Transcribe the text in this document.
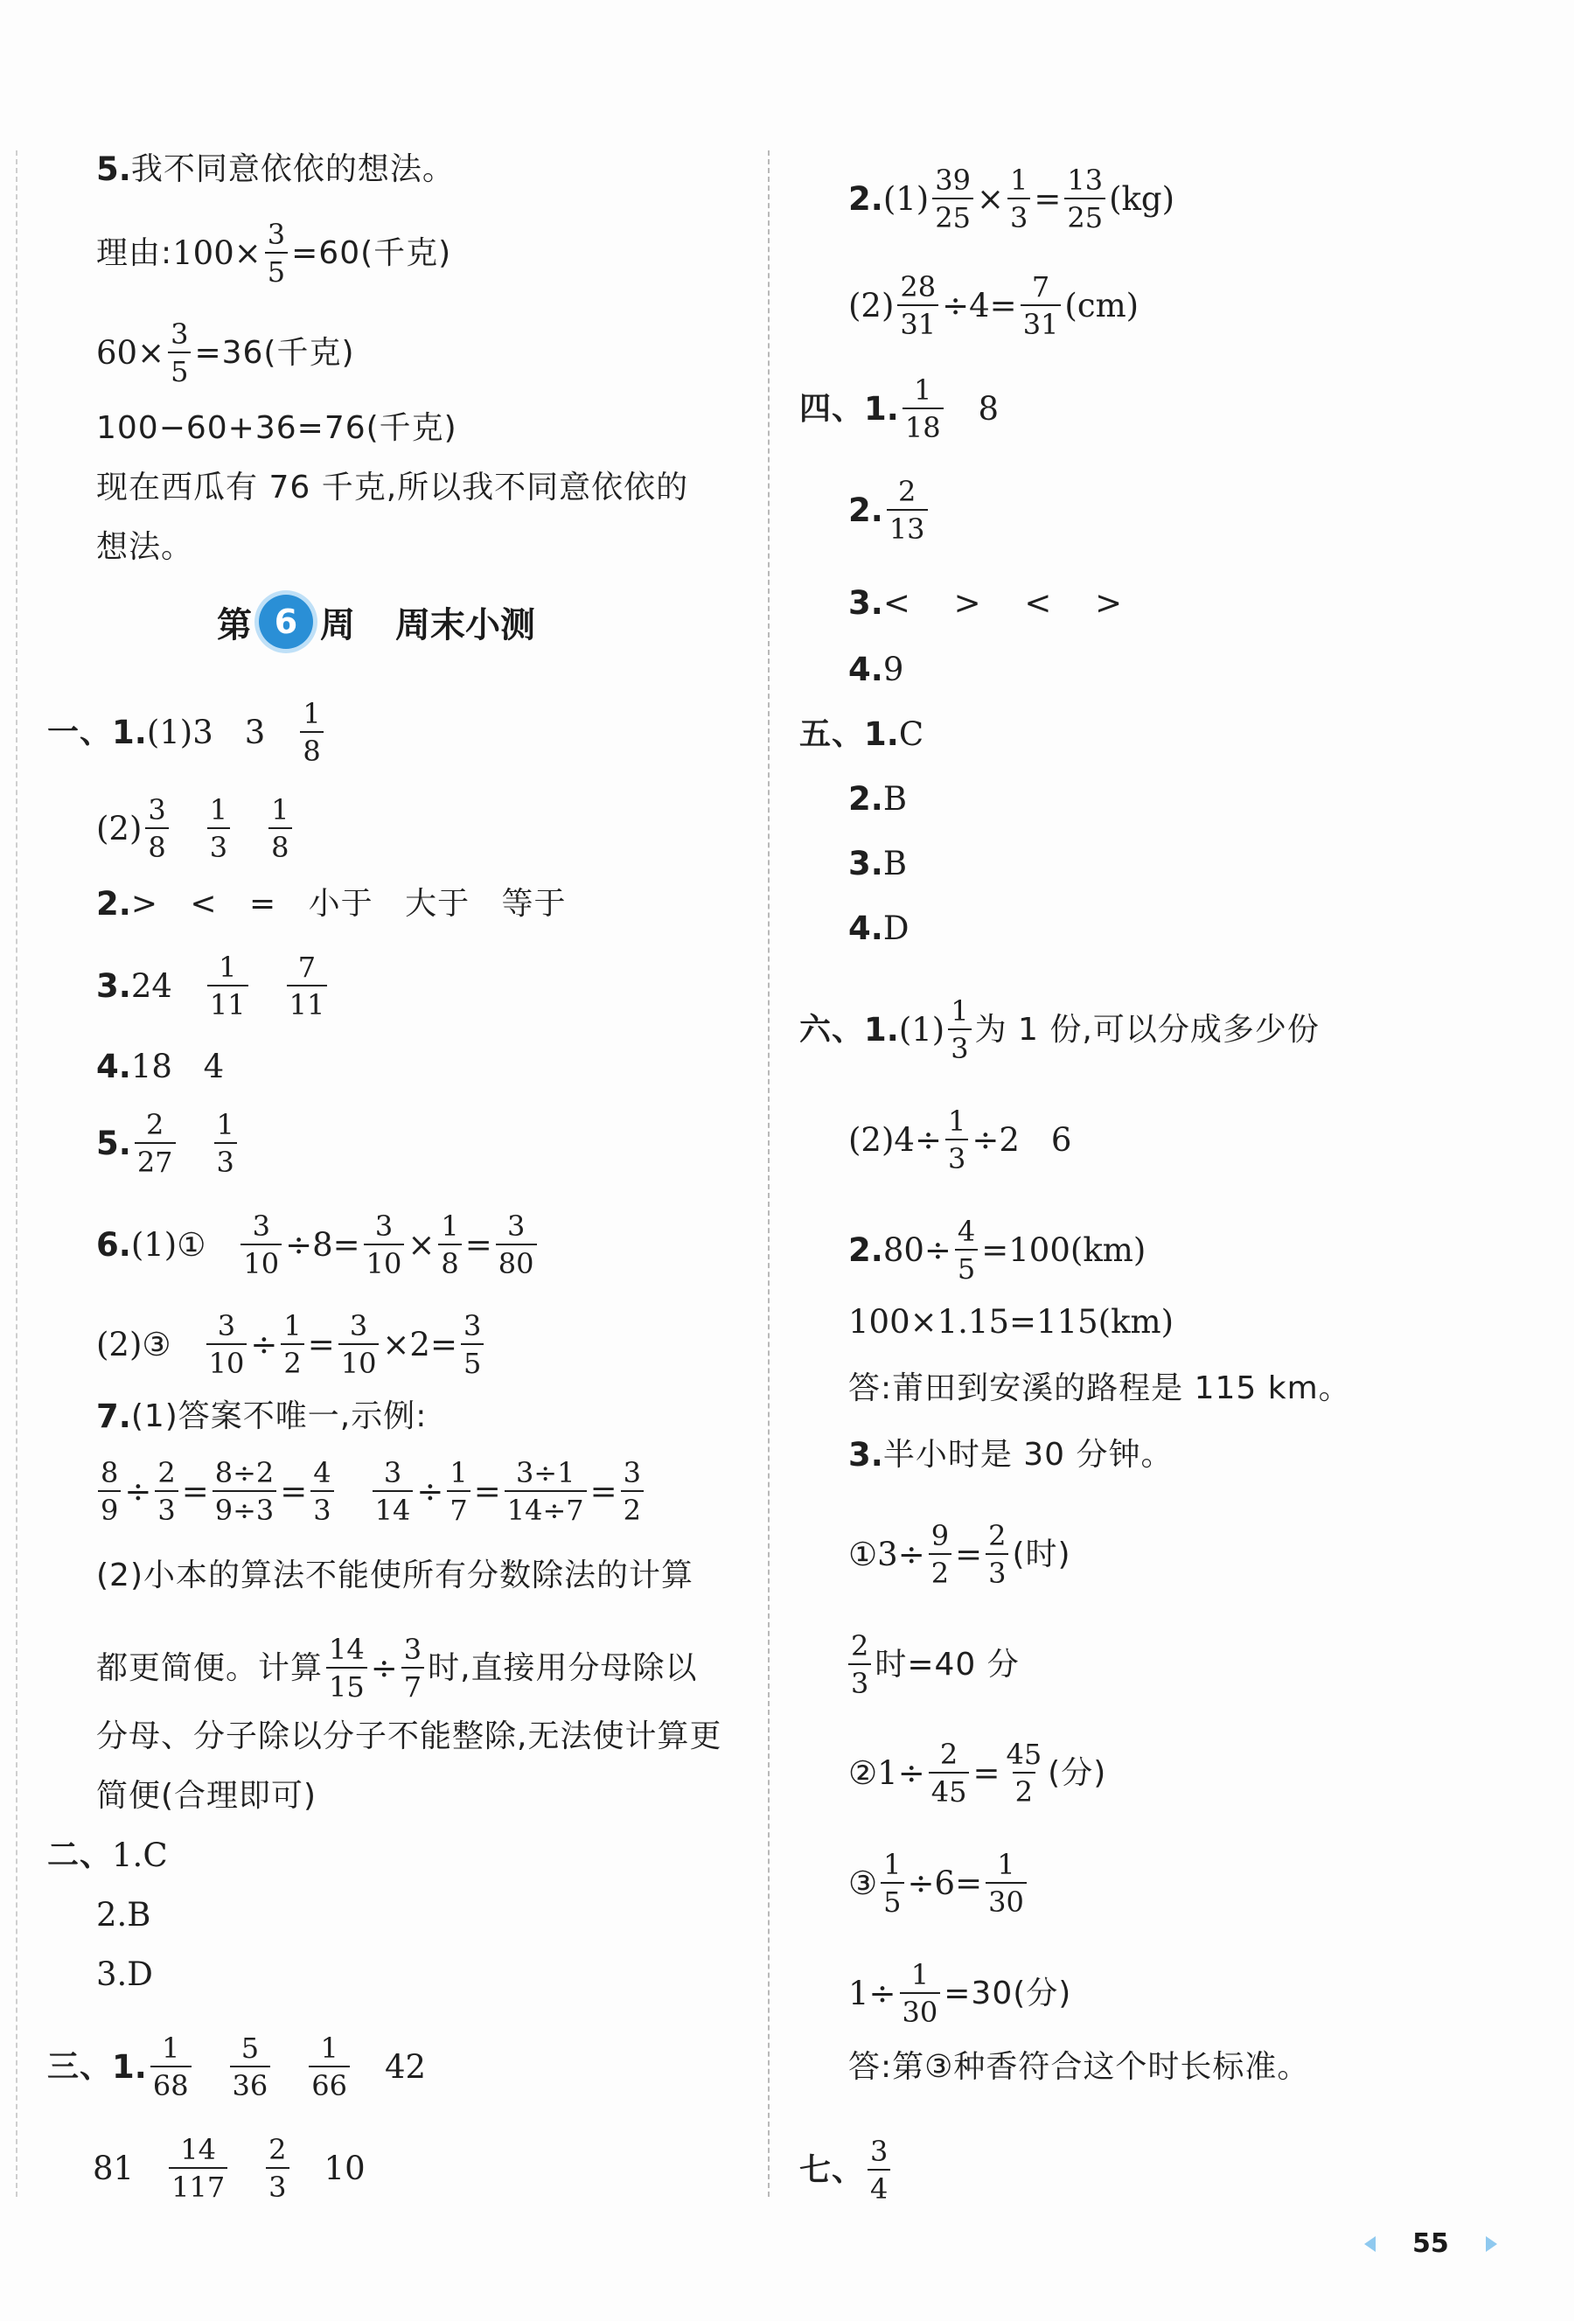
5. 我不同意依依的想法。
理由: $100\times \frac{3}{5} =60$(千克)
$60\times \frac{3}{5} =36$(千克)
100−60+36=76(千克)
现在西瓜有 76 千克,所以我不同意依依的
想法。
第 6 周 周末小测
一、 1. (1)3 $3 \frac{1}{8}$
$(2) \frac{3}{8} \frac{1}{3} \frac{1}{8}$
2. > < = 小于 大于 等于
3. $24 \frac{1}{11} \frac{7}{11}$
4. 18 4
5. $\frac{2}{27} \frac{1}{3}$
6. (1)① $\frac{3}{10} \div 8= \frac{3}{10} \times \frac{1}{8} = \frac{3}{80}$
(2)③ $\frac{3}{10} \div \frac{1}{2} = \frac{3}{10} \times 2= \frac{3}{5}$
7. (1)答案不唯一,示例:
$\frac{8}{9} \div \frac{2}{3} = \frac{8\div 2}{9\div 3} = \frac{4}{3} \frac{3}{14} \div \frac{1}{7} = \frac{3\div 1}{14\div 7} = \frac{3}{2}$
(2)小本的算法不能使所有分数除法的计算
都更简便。计算 $\frac{14}{15} \div \frac{3}{7}$ 时,直接用分母除以
分母、分子除以分子不能整除,无法使计算更
简便(合理即可)
二、 1.C
2.B
3.D
三、 1. $\frac{1}{68} \frac{5}{36} \frac{1}{66} 42$
$81 \frac{14}{117} \frac{2}{3} 10$
2. $(1) \frac{39}{25} \times \frac{1}{3} = \frac{13}{25} (kg)$
$(2) \frac{28}{31} \div 4= \frac{7}{31} (cm)$
四、 1. $\frac{1}{18} 8$
2. $\frac{2}{13}$
3. < > < >
4. 9
五、 1. C
2. B
3. B
4. D
六、 1. $(1) \frac{1}{3}$ 为 1 份,可以分成多少份
$(2)4\div \frac{1}{3} \div 2$ 6
2. $80\div \frac{4}{5} =100(km)$
100×1.15=115(km)
答:莆田到安溪的路程是 115 km。
3. 半小时是 30 分钟。
①3÷ $\frac{9}{2} = \frac{2}{3}$ (时)
$\frac{2}{3}$ 时=40 分
②1÷ $\frac{2}{45} = \frac{45}{2}$ (分)
③ $\frac{1}{5} \div 6= \frac{1}{30}$
$1\div \frac{1}{30} =30$(分)
答:第③种香符合这个时长标准。
七、 $\frac{3}{4}$
55
